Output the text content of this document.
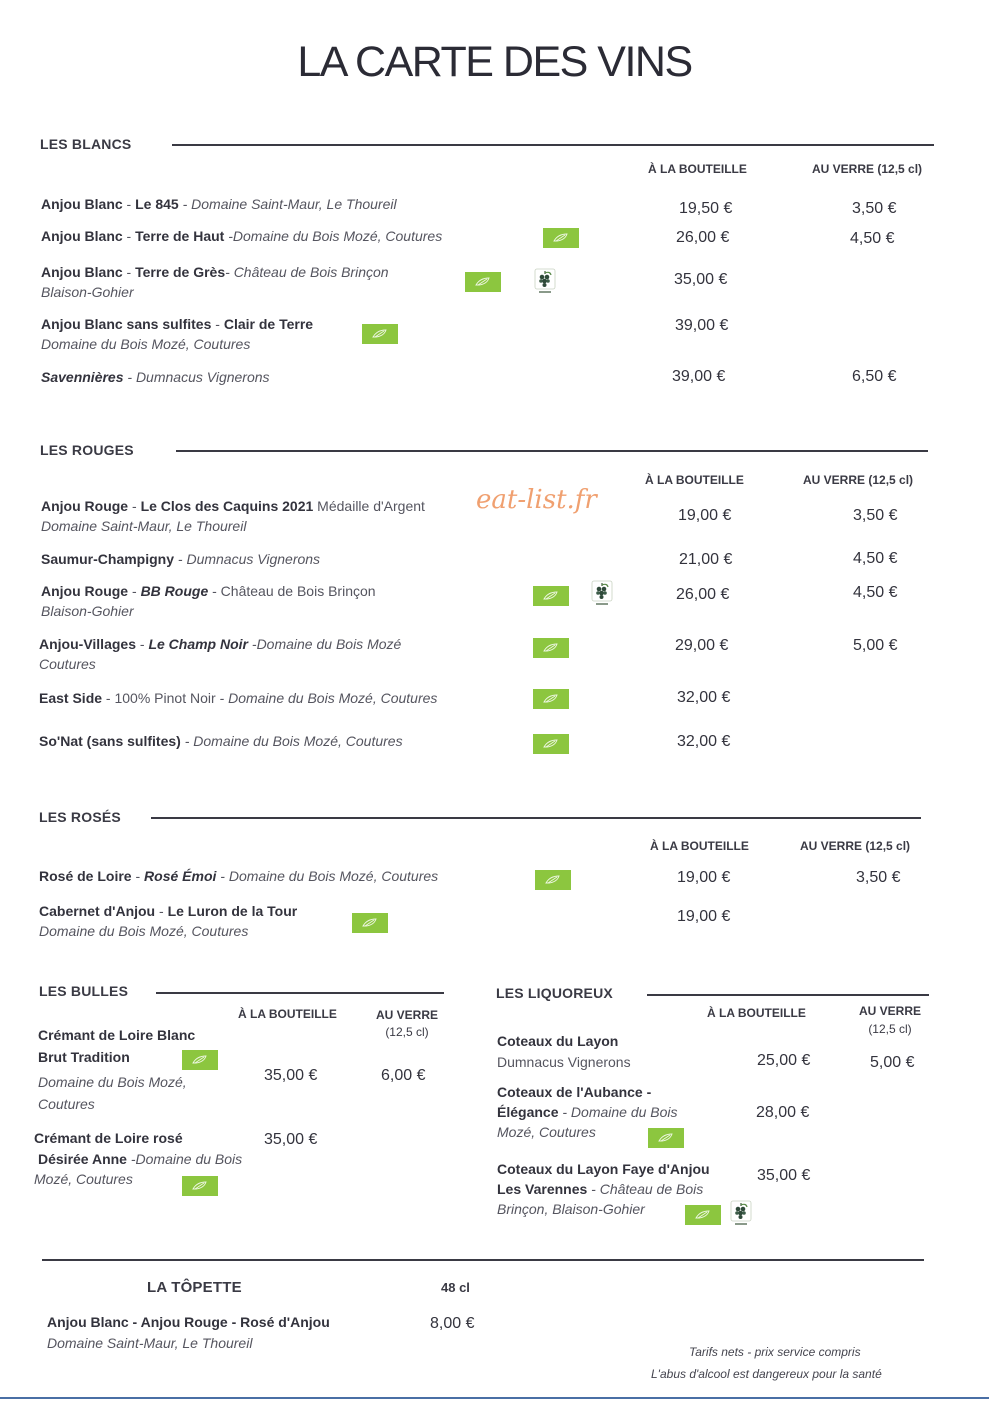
LA CARTE DES VINS
LES BLANCS
À LA BOUTEILLE	AU VERRE (12,5 cl)
Anjou Blanc - Le 845 - Domaine Saint-Maur, Le Thoureil	19,50 €	3,50 €
Anjou Blanc - Terre de Haut -Domaine du Bois Mozé, Coutures	26,00 €	4,50 €
Anjou Blanc - Terre de Grès- Château de Bois Brinçon
Blaison-Gohier
35,00 €
Anjou Blanc sans sulfites - Clair de Terre
Domaine du Bois Mozé, Coutures
39,00 €
Savennières - Dumnacus Vignerons	39,00 €	6,50 €
LES ROUGES
À LA BOUTEILLE	AU VERRE (12,5 cl)
Anjou Rouge - Le Clos des Caquins 2021 Médaille d'Argent
Domaine Saint-Maur, Le Thoureil
eat-list.fr
19,00 €	3,50 €
Saumur-Champigny - Dumnacus Vignerons	21,00 €	4,50 €
Anjou Rouge - BB Rouge - Château de Bois Brinçon
Blaison-Gohier
26,00 €	4,50 €
Anjou-Villages - Le Champ Noir -Domaine du Bois Mozé
Coutures
29,00 €	5,00 €
East Side - 100% Pinot Noir - Domaine du Bois Mozé, Coutures	32,00 €
So'Nat (sans sulfites) - Domaine du Bois Mozé, Coutures	32,00 €
LES ROSÉS
À LA BOUTEILLE	AU VERRE (12,5 cl)
Rosé de Loire - Rosé Émoi - Domaine du Bois Mozé, Coutures	19,00 €	3,50 €
Cabernet d'Anjou - Le Luron de la Tour
Domaine du Bois Mozé, Coutures
19,00 €
LES BULLES
À LA BOUTEILLE	AU VERRE
(12,5 cl)
Crémant de Loire Blanc
Brut Tradition
Domaine du Bois Mozé,
Coutures
35,00 €	6,00 €
Crémant de Loire rosé
Désirée Anne -Domaine du Bois
Mozé, Coutures
35,00 €
LES LIQUOREUX
À LA BOUTEILLE	AU VERRE
(12,5 cl)
Coteaux du Layon
Dumnacus Vignerons	25,00 €	5,00 €
Coteaux de l'Aubance -
Élégance - Domaine du Bois
Mozé, Coutures
28,00 €
Coteaux du Layon Faye d'Anjou
Les Varennes - Château de Bois
Brinçon, Blaison-Gohier
35,00 €
LA TÔPETTE	48 cl
Anjou Blanc - Anjou Rouge - Rosé d'Anjou
Domaine Saint-Maur, Le Thoureil
8,00 €
Tarifs nets - prix service compris
L'abus d'alcool est dangereux pour la santé
